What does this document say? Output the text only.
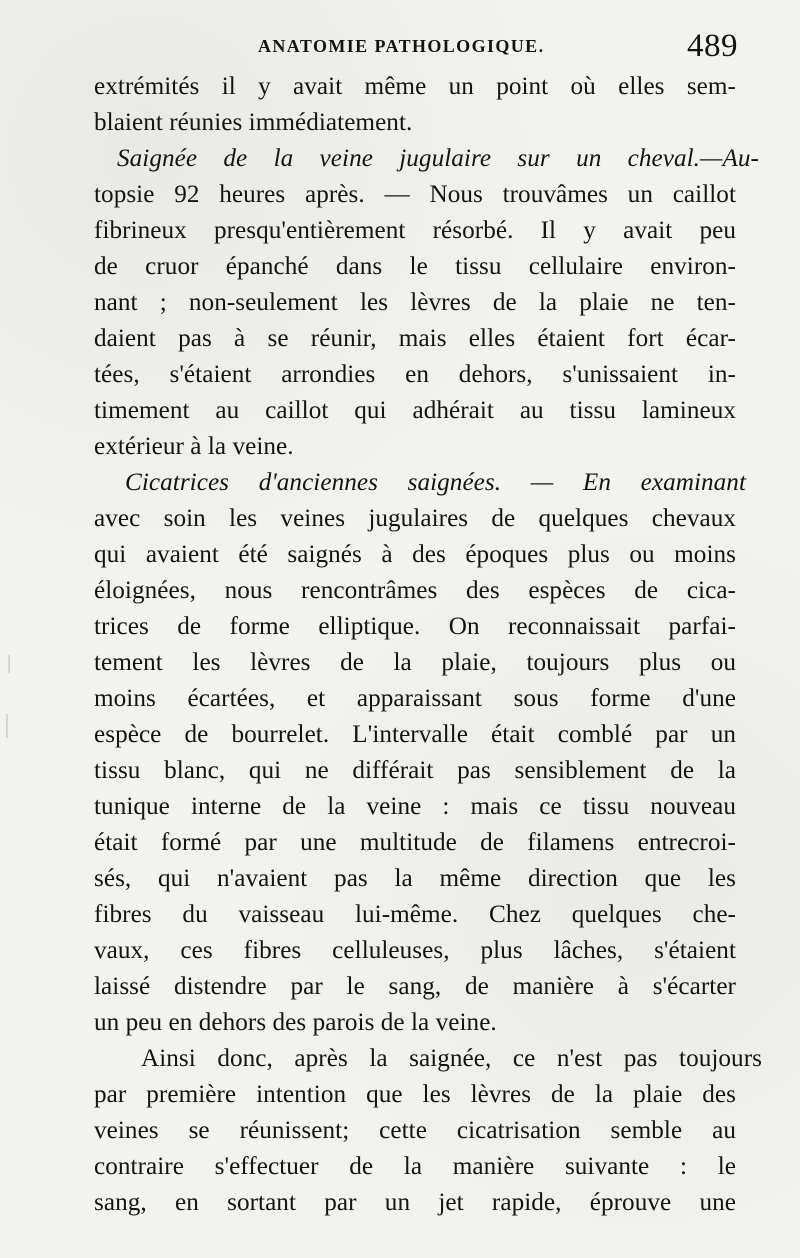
ANATOMIE PATHOLOGIQUE.	489
extrémités il y avait même un point où elles sem-
blaient réunies immédiatement.
Saignée de la veine jugulaire sur un cheval.—Au-
topsie 92 heures après. — Nous trouvâmes un caillot
fibrineux presqu'entièrement résorbé. Il y avait peu
de cruor épanché dans le tissu cellulaire environ-
nant ; non-seulement les lèvres de la plaie ne ten-
daient pas à se réunir, mais elles étaient fort écar-
tées, s'étaient arrondies en dehors, s'unissaient in-
timement au caillot qui adhérait au tissu lamineux
extérieur à la veine.
Cicatrices d'anciennes saignées. — En examinant
avec soin les veines jugulaires de quelques chevaux
qui avaient été saignés à des époques plus ou moins
éloignées, nous rencontrâmes des espèces de cica-
trices de forme elliptique. On reconnaissait parfai-
tement les lèvres de la plaie, toujours plus ou
moins écartées, et apparaissant sous forme d'une
espèce de bourrelet. L'intervalle était comblé par un
tissu blanc, qui ne différait pas sensiblement de la
tunique interne de la veine : mais ce tissu nouveau
était formé par une multitude de filamens entrecroi-
sés, qui n'avaient pas la même direction que les
fibres du vaisseau lui-même. Chez quelques che-
vaux, ces fibres celluleuses, plus lâches, s'étaient
laissé distendre par le sang, de manière à s'écarter
un peu en dehors des parois de la veine.
Ainsi donc, après la saignée, ce n'est pas toujours
par première intention que les lèvres de la plaie des
veines se réunissent; cette cicatrisation semble au
contraire s'effectuer de la manière suivante : le
sang, en sortant par un jet rapide, éprouve une
